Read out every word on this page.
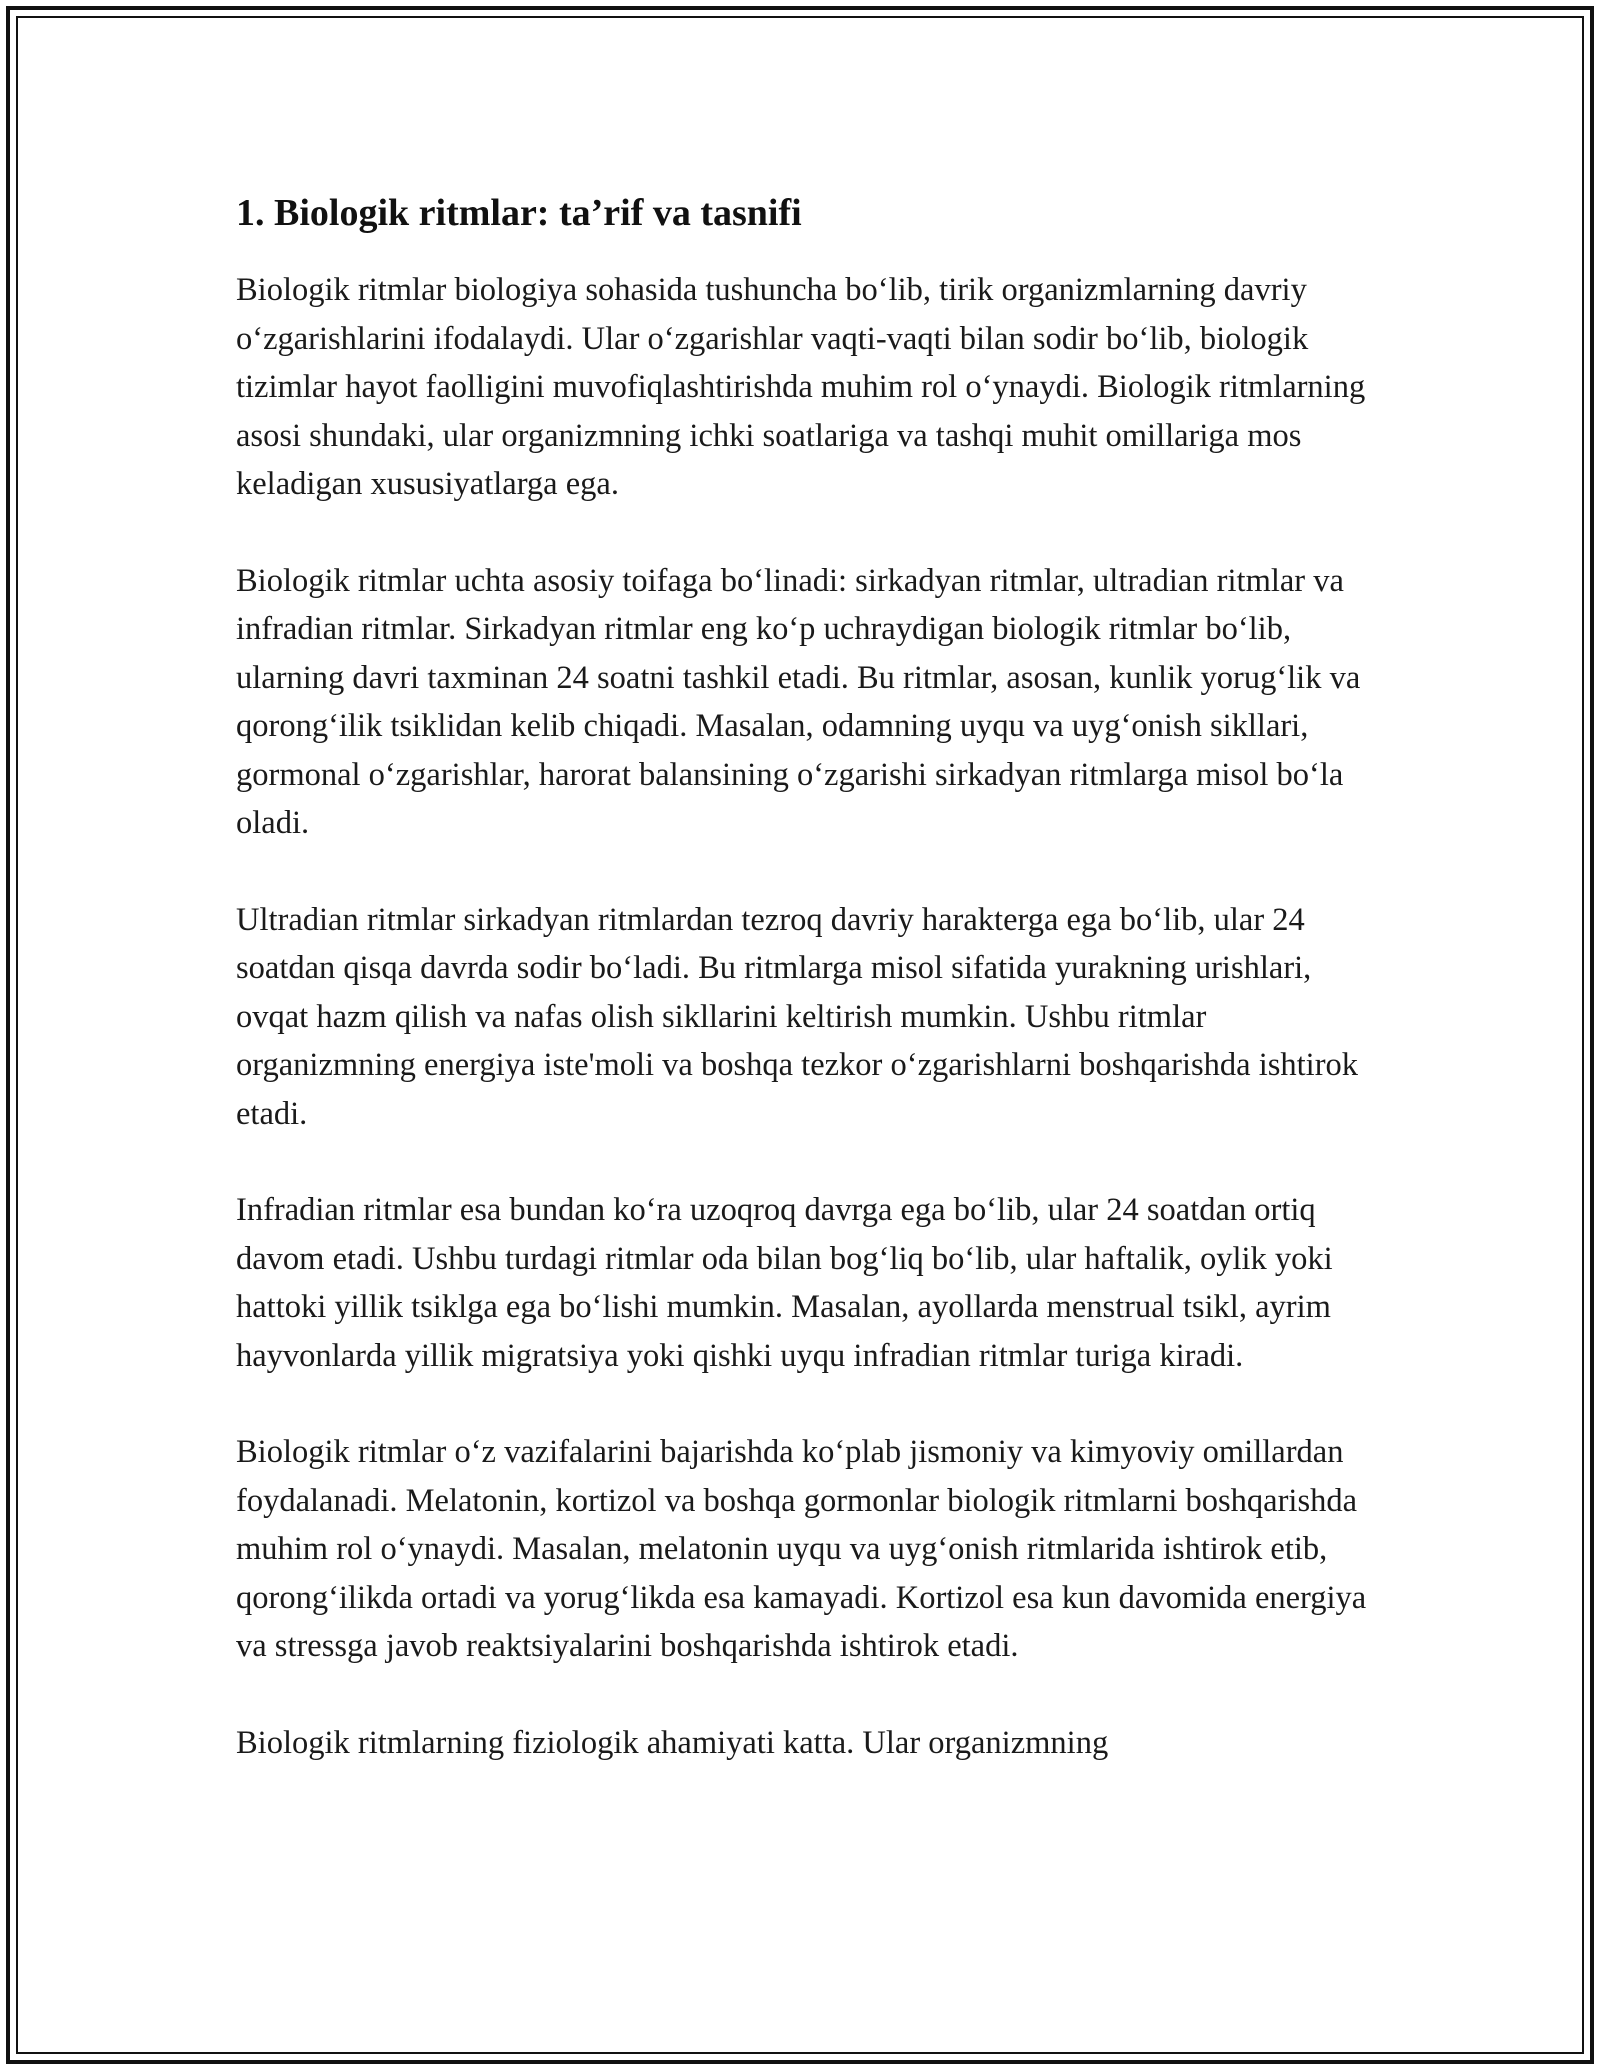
1. Biologik ritmlar: ta’rif va tasnifi

Biologik ritmlar biologiya sohasida tushuncha bo‘lib, tirik organizmlarning davriy o‘zgarishlarini ifodalaydi. Ular o‘zgarishlar vaqti-vaqti bilan sodir bo‘lib, biologik tizimlar hayot faolligini muvofiqlashtirishda muhim rol o‘ynaydi. Biologik ritmlarning asosi shundaki, ular organizmning ichki soatlariga va tashqi muhit omillariga mos keladigan xususiyatlarga ega.

Biologik ritmlar uchta asosiy toifaga bo‘linadi: sirkadyan ritmlar, ultradian ritmlar va infradian ritmlar. Sirkadyan ritmlar eng ko‘p uchraydigan biologik ritmlar bo‘lib, ularning davri taxminan 24 soatni tashkil etadi. Bu ritmlar, asosan, kunlik yorug‘lik va qorong‘ilik tsiklidan kelib chiqadi. Masalan, odamning uyqu va uyg‘onish sikllari, gormonal o‘zgarishlar, harorat balansining o‘zgarishi sirkadyan ritmlarga misol bo‘la oladi.

Ultradian ritmlar sirkadyan ritmlardan tezroq davriy harakterga ega bo‘lib, ular 24 soatdan qisqa davrda sodir bo‘ladi. Bu ritmlarga misol sifatida yurakning urishlari, ovqat hazm qilish va nafas olish sikllarini keltirish mumkin. Ushbu ritmlar organizmning energiya iste'moli va boshqa tezkor o‘zgarishlarni boshqarishda ishtirok etadi.

Infradian ritmlar esa bundan ko‘ra uzoqroq davrga ega bo‘lib, ular 24 soatdan ortiq davom etadi. Ushbu turdagi ritmlar oda bilan bog‘liq bo‘lib, ular haftalik, oylik yoki hattoki yillik tsiklga ega bo‘lishi mumkin. Masalan, ayollarda menstrual tsikl, ayrim hayvonlarda yillik migratsiya yoki qishki uyqu infradian ritmlar turiga kiradi.

Biologik ritmlar o‘z vazifalarini bajarishda ko‘plab jismoniy va kimyoviy omillardan foydalanadi. Melatonin, kortizol va boshqa gormonlar biologik ritmlarni boshqarishda muhim rol o‘ynaydi. Masalan, melatonin uyqu va uyg‘onish ritmlarida ishtirok etib, qorong‘ilikda ortadi va yorug‘likda esa kamayadi. Kortizol esa kun davomida energiya va stressga javob reaktsiyalarini boshqarishda ishtirok etadi.

Biologik ritmlarning fiziologik ahamiyati katta. Ular organizmning
